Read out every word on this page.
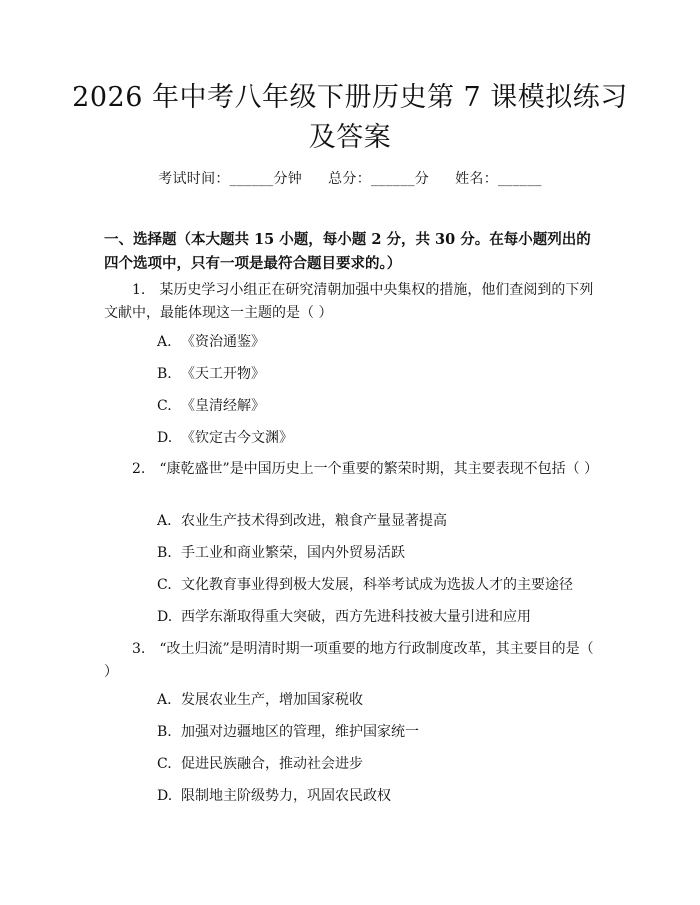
2026 年中考八年级下册历史第 7 课模拟练习及答案
考试时间：______分钟 总分：______分 姓名：______
一、选择题（本大题共 15 小题，每小题 2 分，共 30 分。在每小题列出的四个选项中，只有一项是最符合题目要求的。）
1.　某历史学习小组正在研究清朝加强中央集权的措施，他们查阅到的下列文献中，最能体现这一主题的是（ ）
A. 《资治通鉴》
B. 《天工开物》
C. 《皇清经解》
D. 《钦定古今文渊》
2.　“康乾盛世”是中国历史上一个重要的繁荣时期，其主要表现不包括（ ）
A. 农业生产技术得到改进，粮食产量显著提高
B. 手工业和商业繁荣，国内外贸易活跃
C. 文化教育事业得到极大发展，科举考试成为选拔人才的主要途径
D. 西学东渐取得重大突破，西方先进科技被大量引进和应用
3.　“改土归流”是明清时期一项重要的地方行政制度改革，其主要目的是（ ）
A. 发展农业生产，增加国家税收
B. 加强对边疆地区的管理，维护国家统一
C. 促进民族融合，推动社会进步
D. 限制地主阶级势力，巩固农民政权
